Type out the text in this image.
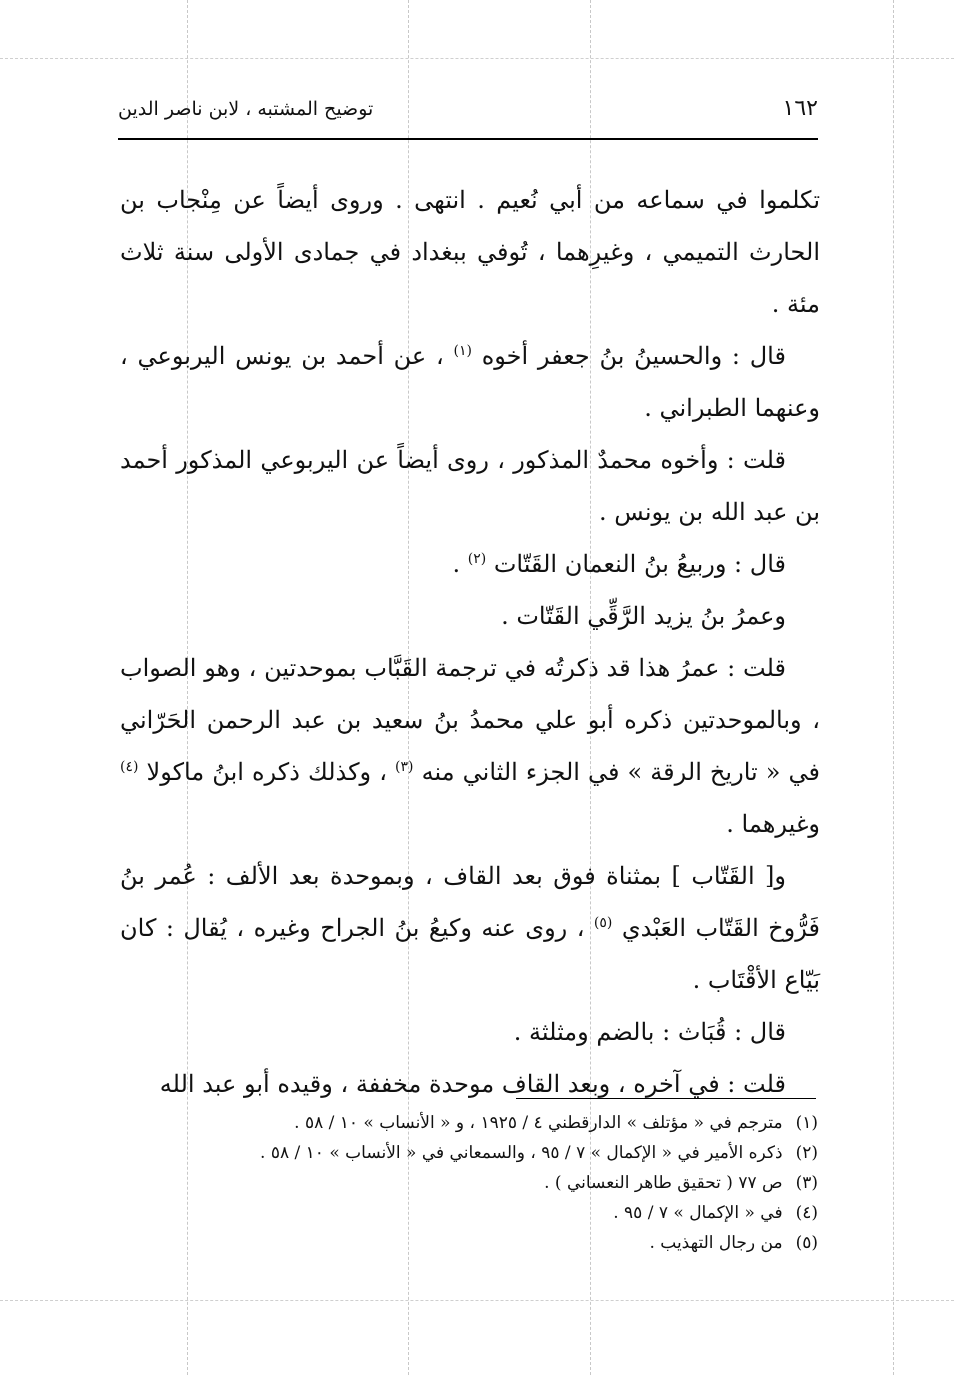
١٦٢
توضيح المشتبه ، لابن ناصر الدين

تكلموا في سماعه من أبي نُعيم . انتهى . وروى أيضاً عن مِنْجاب بن الحارث التميمي ، وغيرِهما ، تُوفي ببغداد في جمادى الأولى سنة ثلاث مئة .

قال : والحسينُ بنُ جعفر أخوه $^{(١)}$ ، عن أحمد بن يونس اليربوعي ، وعنهما الطبراني .

قلت : وأخوه محمدٌ المذكور ، روى أيضاً عن اليربوعي المذكور أحمد بن عبد الله بن يونس .

قال : وربيعُ بنُ النعمان القَتّات $^{(٢)}$ .

وعمرُ بنُ يزيد الرَّقِّي القَتّات .

قلت : عمرُ هذا قد ذكرتُه في ترجمة القَبَّاب بموحدتين ، وهو الصواب ، وبالموحدتين ذكره أبو علي محمدُ بنُ سعيد بن عبد الرحمن الحَرّاني في « تاريخ الرقة » في الجزء الثاني منه $^{(٣)}$ ، وكذلك ذكره ابنُ ماكولا $^{(٤)}$ وغيرهما .

و[ القَتّاب ] بمثناة فوق بعد القاف ، وبموحدة بعد الألف : عُمر بنُ فَرُّوخ القَتّاب العَبْدي $^{(٥)}$ ، روى عنه وكيعُ بنُ الجراح وغيره ، يُقال : كان بَيّاع الأقْتَاب .

قال : قُبَاث : بالضم ومثلثة .

قلت : في آخره ، وبعد القاف موحدة مخففة ، وقيده أبو عبد الله

(١) مترجم في « مؤتلف » الدارقطني ٤ / ١٩٢٥ ، و « الأنساب » ١٠ / ٥٨ .

(٢) ذكره الأمير في « الإكمال » ٧ / ٩٥ ، والسمعاني في « الأنساب » ١٠ / ٥٨ .

(٣) ص ٧٧ ( تحقيق طاهر النعساني ) .

(٤) في « الإكمال » ٧ / ٩٥ .

(٥) من رجال التهذيب .
